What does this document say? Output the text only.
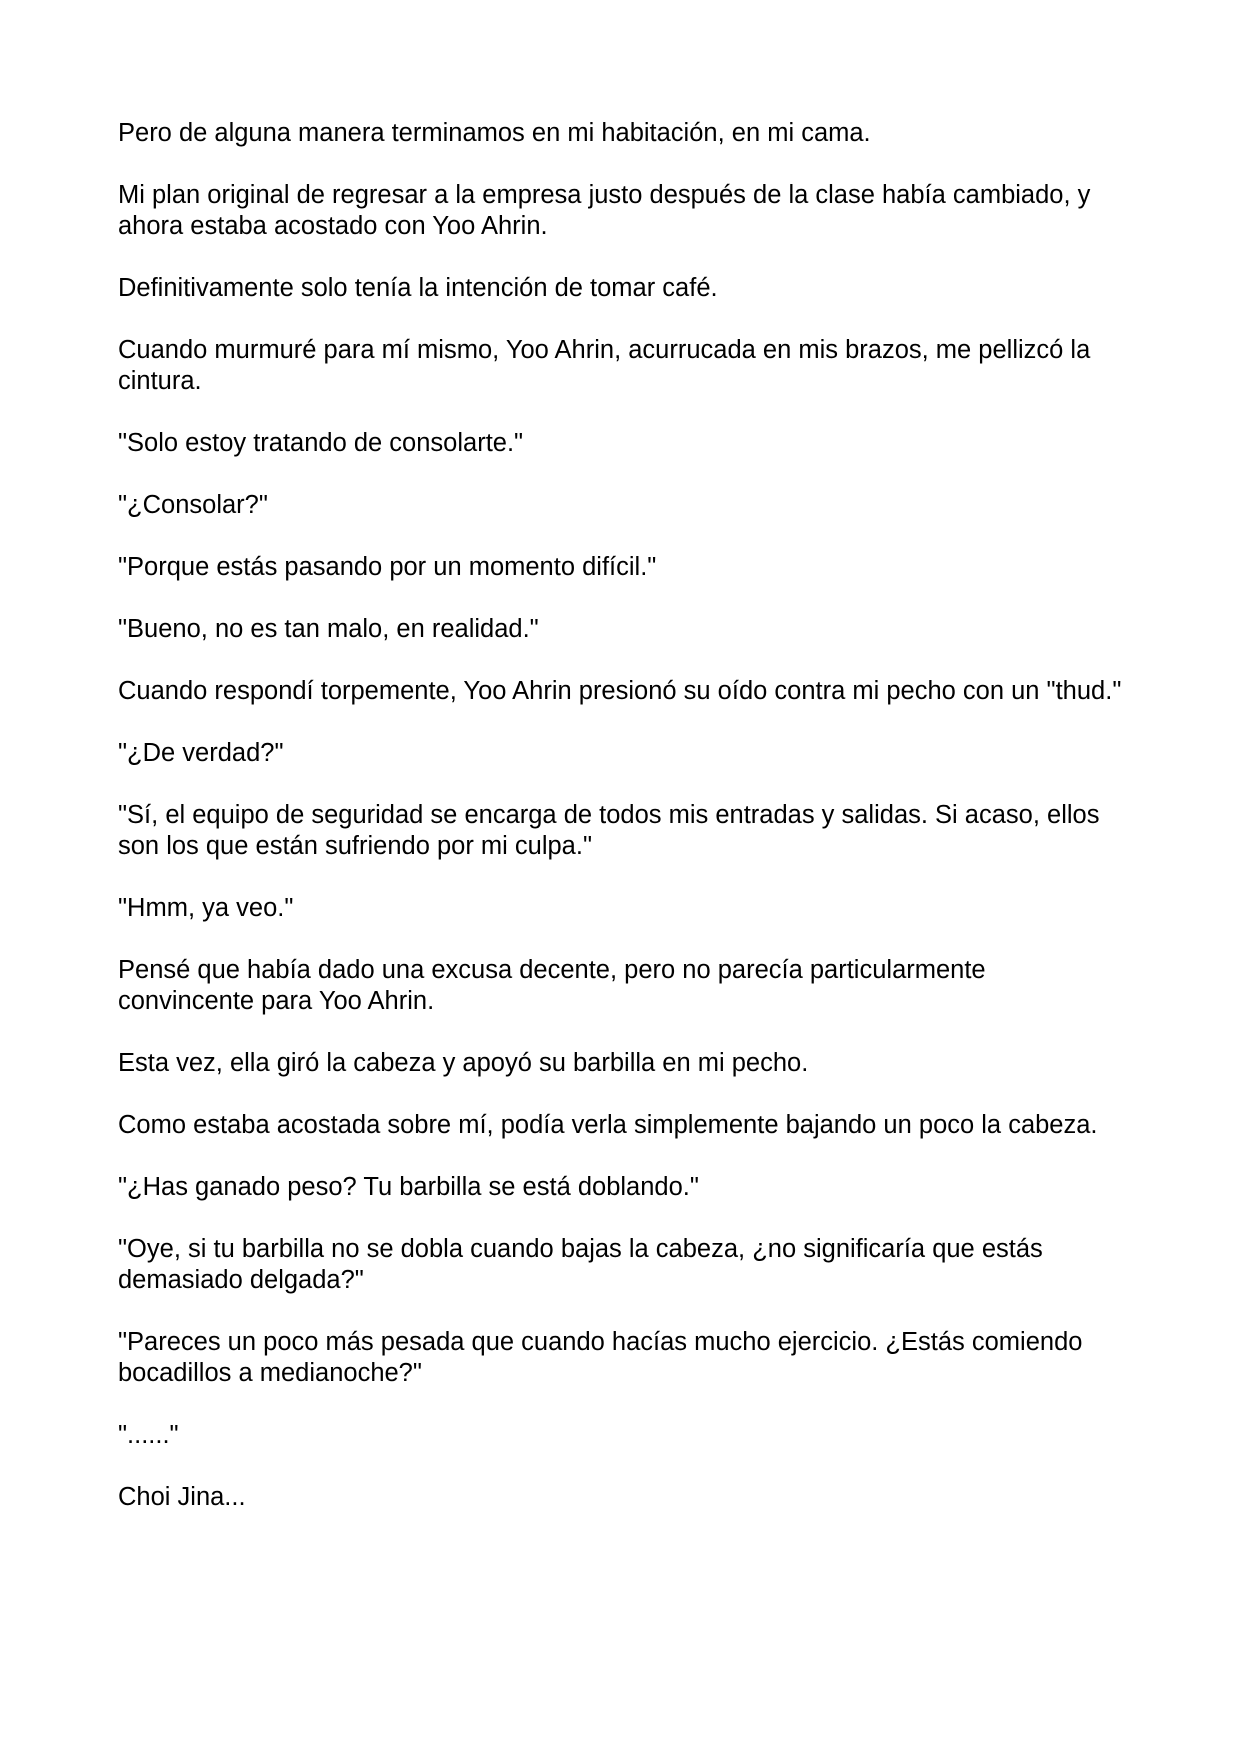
Pero de alguna manera terminamos en mi habitación, en mi cama.

Mi plan original de regresar a la empresa justo después de la clase había cambiado, y ahora estaba acostado con Yoo Ahrin.

Definitivamente solo tenía la intención de tomar café.

Cuando murmuré para mí mismo, Yoo Ahrin, acurrucada en mis brazos, me pellizcó la cintura.

"Solo estoy tratando de consolarte."

"¿Consolar?"

"Porque estás pasando por un momento difícil."

"Bueno, no es tan malo, en realidad."

Cuando respondí torpemente, Yoo Ahrin presionó su oído contra mi pecho con un "thud."

"¿De verdad?"

"Sí, el equipo de seguridad se encarga de todos mis entradas y salidas. Si acaso, ellos son los que están sufriendo por mi culpa."

"Hmm, ya veo."

Pensé que había dado una excusa decente, pero no parecía particularmente convincente para Yoo Ahrin.

Esta vez, ella giró la cabeza y apoyó su barbilla en mi pecho.

Como estaba acostada sobre mí, podía verla simplemente bajando un poco la cabeza.

"¿Has ganado peso? Tu barbilla se está doblando."

"Oye, si tu barbilla no se dobla cuando bajas la cabeza, ¿no significaría que estás demasiado delgada?"

"Pareces un poco más pesada que cuando hacías mucho ejercicio. ¿Estás comiendo bocadillos a medianoche?"

"......"

Choi Jina...
